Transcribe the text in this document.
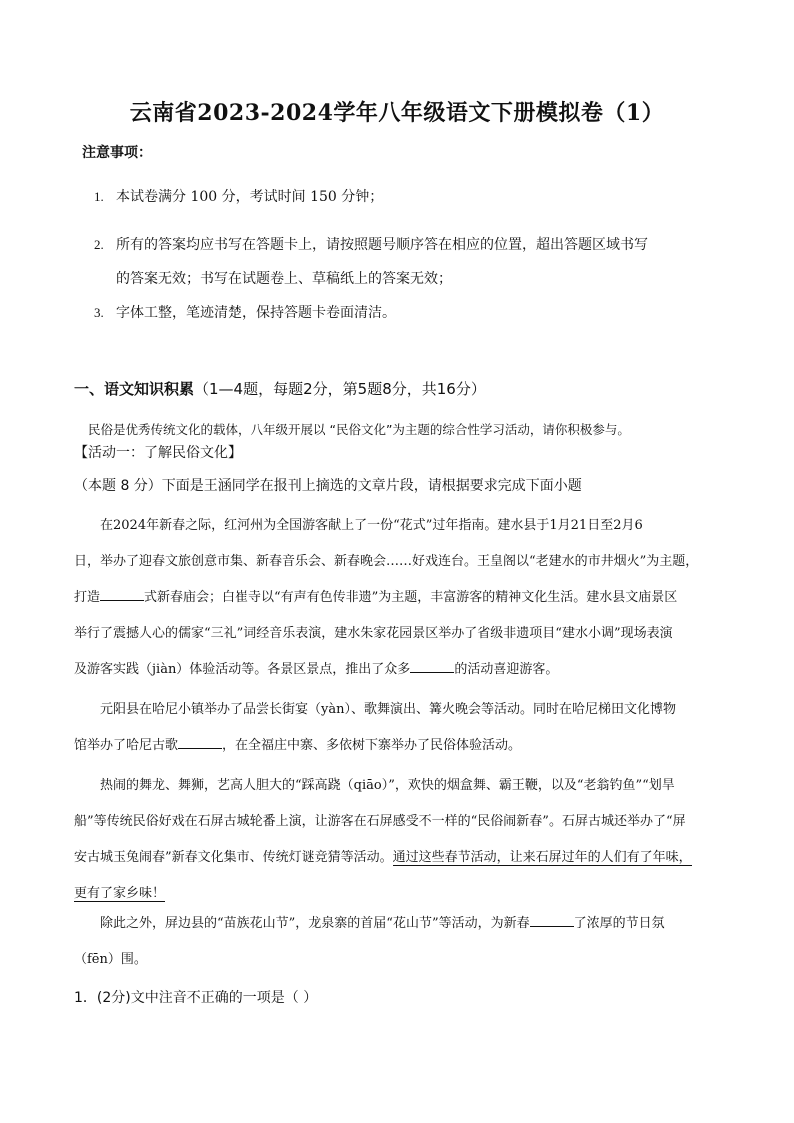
云南省2023-2024学年八年级语文下册模拟卷（1）
注意事项：
1. 本试卷满分 100 分，考试时间 150 分钟；
2. 所有的答案均应书写在答题卡上，请按照题号顺序答在相应的位置，超出答题区域书写
的答案无效；书写在试题卷上、草稿纸上的答案无效；
3. 字体工整，笔迹清楚，保持答题卡卷面清洁。
一、语文知识积累（1—4题，每题2分，第5题8分，共16分）
民俗是优秀传统文化的载体，八年级开展以 “民俗文化”为主题的综合性学习活动，请你积极参与。
【活动一：了解民俗文化】
（本题 8 分）下面是王涵同学在报刊上摘选的文章片段，请根据要求完成下面小题
在2024年新春之际，红河州为全国游客献上了一份“花式”过年指南。建水县于1月21日至2月6
日，举办了迎春文旅创意市集、新春音乐会、新春晚会……好戏连台。王皇阁以“老建水的市井烟火”为主题，
打造	式新春庙会；白崔寺以“有声有色传非遗”为主题，丰富游客的精神文化生活。建水县文庙景区
举行了震撼人心的儒家“三礼”词经音乐表演，建水朱家花园景区举办了省级非遗项目“建水小调”现场表演
及游客实践（jiàn）体验活动等。各景区景点，推出了众多	的活动喜迎游客。
元阳县在哈尼小镇举办了品尝长街宴（yàn）、歌舞演出、篝火晚会等活动。同时在哈尼梯田文化博物
馆举办了哈尼古歌	，在全福庄中寨、多依树下寨举办了民俗体验活动。
热闹的舞龙、舞狮，艺高人胆大的“踩高跷（qiāo）”，欢快的烟盒舞、霸王鞭，以及“老翁钓鱼”“划旱
船”等传统民俗好戏在石屏古城轮番上演，让游客在石屏感受不一样的“民俗闹新春”。石屏古城还举办了“屏
安古城玉兔闹春”新春文化集市、传统灯谜竞猜等活动。通过这些春节活动，让来石屏过年的人们有了年味，
更有了家乡味！
除此之外，屏边县的“苗族花山节”，龙泉寨的首届“花山节”等活动，为新春	了浓厚的节日氛
（fēn）围。
1．(2分)文中注音不正确的一项是（ ）
